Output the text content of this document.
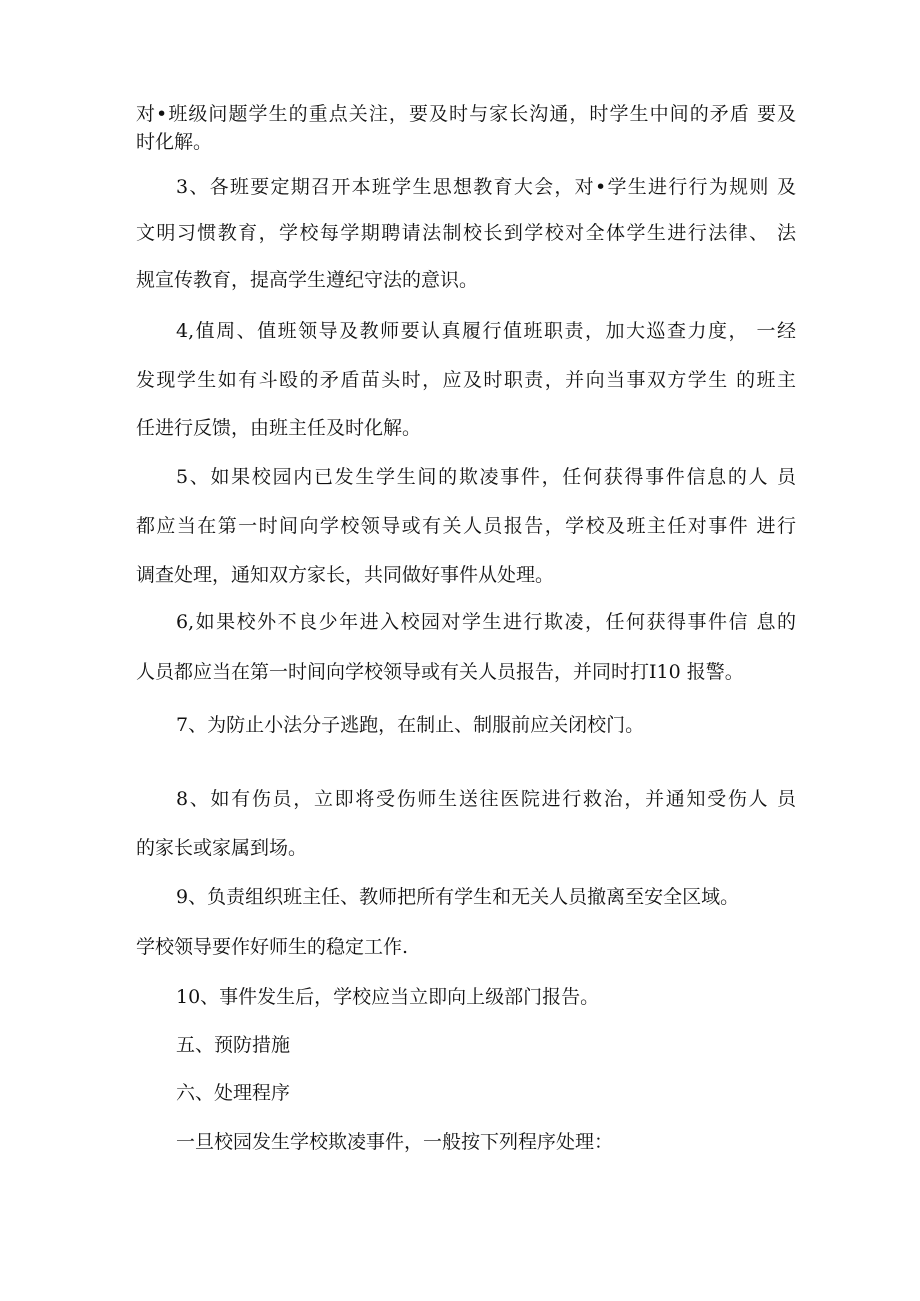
对•班级问题学生的重点关注，要及时与家长沟通，时学生中间的矛盾 要及
时化解。
3、各班要定期召开本班学生思想教育大会，对•学生进行行为规则 及
文明习惯教育，学校每学期聘请法制校长到学校对全体学生进行法律、 法
规宣传教育，提高学生遵纪守法的意识。
4,值周、值班领导及教师要认真履行值班职责，加大巡查力度， 一经
发现学生如有斗殴的矛盾苗头时，应及时职责，并向当事双方学生 的班主
任进行反馈，由班主任及时化解。
5、如果校园内已发生学生间的欺凌事件，任何获得事件信息的人 员
都应当在第一时间向学校领导或有关人员报告，学校及班主任对事件 进行
调查处理，通知双方家长，共同做好事件从处理。
6,如果校外不良少年进入校园对学生进行欺凌，任何获得事件信 息的
人员都应当在第一时间向学校领导或有关人员报告，并同时打I10 报警。
7、为防止小法分子逃跑，在制止、制服前应关闭校门。
8、如有伤员，立即将受伤师生送往医院进行救治，并通知受伤人 员
的家长或家属到场。
9、负责组织班主任、教师把所有学生和无关人员撤离至安全区域。
学校领导要作好师生的稳定工作.
10、事件发生后，学校应当立即向上级部门报告。
五、预防措施
六、处理程序
一旦校园发生学校欺凌事件，一般按下列程序处理：
